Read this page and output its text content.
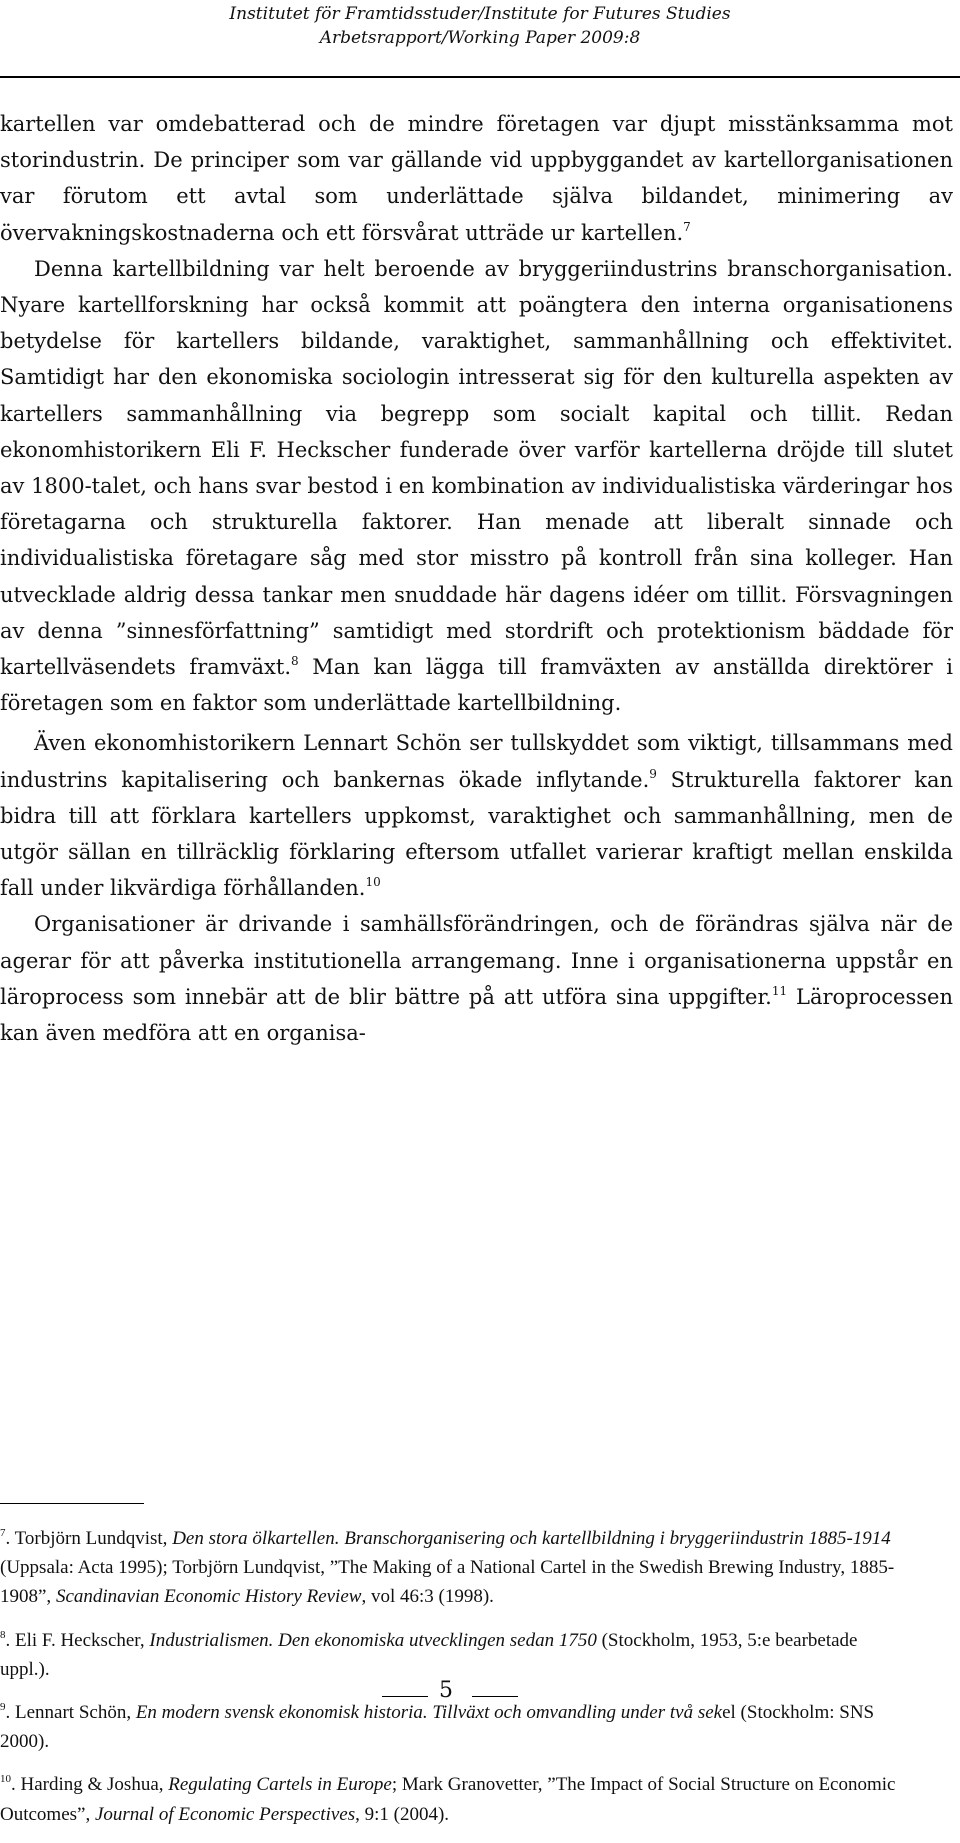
Institutet för Framtidsstuder/Institute for Futures Studies
Arbetsrapport/Working Paper 2009:8

kartellen var omdebatterad och de mindre företagen var djupt misstänksamma mot storindustrin. De principer som var gällande vid uppbyggandet av kartellorganisationen var förutom ett avtal som underlättade själva bildandet, minimering av övervakningskostnaderna och ett försvårat utträde ur kartellen.$^7$

Denna kartellbildning var helt beroende av bryggeriindustrins branschorganisation. Nyare kartellforskning har också kommit att poängtera den interna organisationens betydelse för kartellers bildande, varaktighet, sammanhållning och effektivitet. Samtidigt har den ekonomiska sociologin intresserat sig för den kulturella aspekten av kartellers sammanhållning via begrepp som socialt kapital och tillit. Redan ekonomhistorikern Eli F. Heckscher funderade över varför kartellerna dröjde till slutet av 1800-talet, och hans svar bestod i en kombination av individualistiska värderingar hos företagarna och strukturella faktorer. Han menade att liberalt sinnade och individualistiska företagare såg med stor misstro på kontroll från sina kolleger. Han utvecklade aldrig dessa tankar men snuddade här dagens idéer om tillit. Försvagningen av denna ”sinnesförfattning” samtidigt med stordrift och protektionism bäddade för kartellväsendets framväxt.$^8$ Man kan lägga till framväxten av anställda direktörer i företagen som en faktor som underlättade kartellbildning.

Även ekonomhistorikern Lennart Schön ser tullskyddet som viktigt, tillsammans med industrins kapitalisering och bankernas ökade inflytande.$^9$ Strukturella faktorer kan bidra till att förklara kartellers uppkomst, varaktighet och sammanhållning, men de utgör sällan en tillräcklig förklaring eftersom utfallet varierar kraftigt mellan enskilda fall under likvärdiga förhållanden.$^{10}$

Organisationer är drivande i samhällsförändringen, och de förändras själva när de agerar för att påverka institutionella arrangemang. Inne i organisationerna uppstår en läroprocess som innebär att de blir bättre på att utföra sina uppgifter.$^{11}$ Läroprocessen kan även medföra att en organisa-

$^7$. Torbjörn Lundqvist, Den stora ölkartellen. Branschorganisering och kartellbildning i bryggeriindustrin 1885-1914 (Uppsala: Acta 1995); Torbjörn Lundqvist, ”The Making of a National Cartel in the Swedish Brewing Industry, 1885-1908”, Scandinavian Economic History Review, vol 46:3 (1998).
$^8$. Eli F. Heckscher, Industrialismen. Den ekonomiska utvecklingen sedan 1750 (Stockholm, 1953, 5:e bearbetade uppl.).
$^9$. Lennart Schön, En modern svensk ekonomisk historia. Tillväxt och omvandling under två sekel (Stockholm: SNS 2000).
$^{10}$. Harding & Joshua, Regulating Cartels in Europe; Mark Granovetter, ”The Impact of Social Structure on Economic Outcomes”, Journal of Economic Perspectives, 9:1 (2004).
5
